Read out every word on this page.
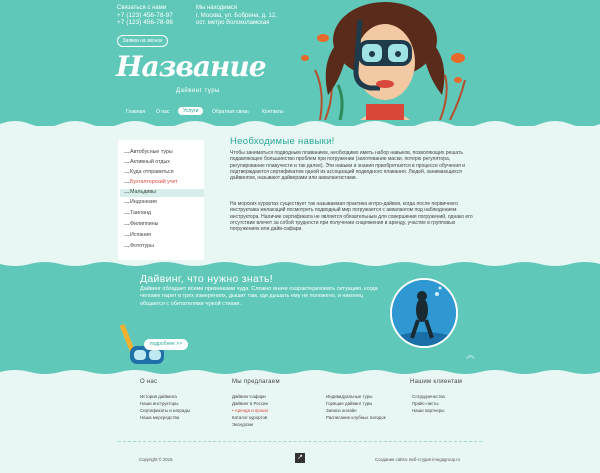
Связаться с нами
+7 (123) 456-78-97
+7 (123) 456-78-98
Мы находимся
г. Москва, ул. Бобрина, д. 12,
ост. метро Волоколамская
Заявка на звонок
Название
Дайвинг туры
Главная О нас	Услуги	Обратная связь	Контакты
⟶ Автобусные туры
⟶ Активный отдых
⟶ Куда отправиться
⟶ Бухгалтерский учет
⟶ Мальдивы
⟶ Индонезия
⟶ Таиланд
⟶ Филиппины
⟶ Испания
⟶ Фототуры
Необходимые навыки!
Чтобы заниматься подводным плаванием, необходимо иметь набор навыков, позволяющих решать подавляющее большинство проблем при погружении (запотевание маски, потерю регулятора, регулирование плавучести и так далее). Эти навыки и знания приобретаются в процессе обучения и подтверждаются сертификатом одной из ассоциаций подводного плавания. Людей, занимающихся дайвингом, называют дайверами или аквалангистами.
На морских курортах существует так называемая практика интро-дайвов, когда после первичного инструктажа желающий посмотреть подводный мир погружается с аквалангом под наблюдением инструктора. Наличие сертификата не является обязательным для совершения погружений, однако его отсутствие влечет за собой трудности при получении снаряжения в аренду, участие в групповых погружениях или дайв-сафари.
Дайвинг, что нужно знать!
Дайвинг обладает всеми признаками чуда. Сложно иначе охарактеризовать ситуацию, когда человек парит в трех измерениях, дышит там, где дышать ему не положено, и наконец общается с обитателями чужой стихии.
подробнее >>
︽
О нас
История дайвинга
Наши инструкторы
Сертификаты и награды
Наша мерсредства
Мы предлагаем
Дайвинг-сафари
Дайвинг в России
• Аренда и прокат
Каталог курортов
Экскурсии
Индивидуальные туры
Горящие дайвинг туры
Записи онлайн
Расписание клубных поездок
Нашим клиентам
Сотрудничество
Прайс-листы
Наши партнеры
Copyright © 2015	↗	Создание сайта: веб-студия imegagroup.ru
